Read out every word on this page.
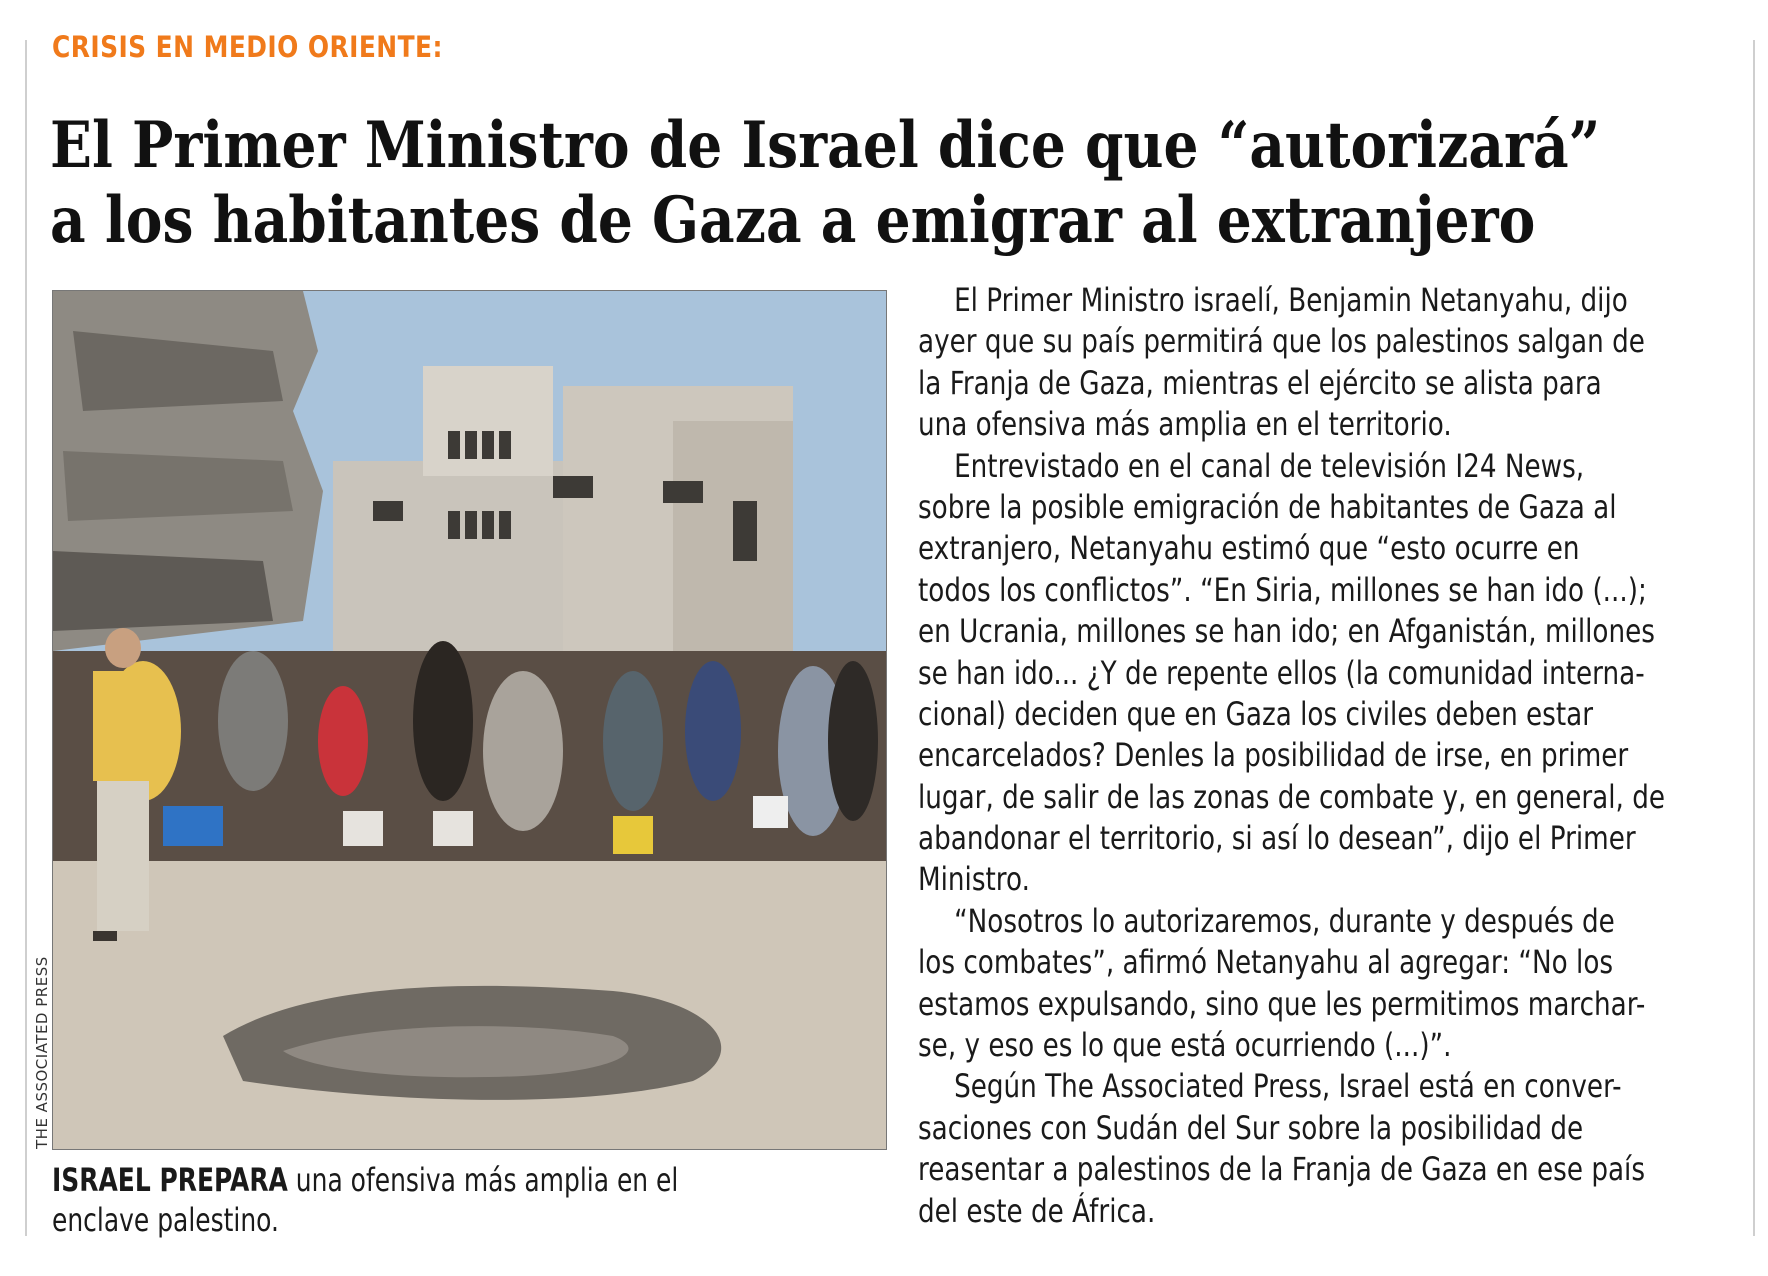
CRISIS EN MEDIO ORIENTE:
El Primer Ministro de Israel dice que “autorizará”
a los habitantes de Gaza a emigrar al extranjero
THE ASSOCIATED PRESS
ISRAEL PREPARA una ofensiva más amplia en el enclave palestino.
El Primer Ministro israelí, Benjamin Netanyahu, dijo
ayer que su país permitirá que los palestinos salgan de
la Franja de Gaza, mientras el ejército se alista para
una ofensiva más amplia en el territorio.
Entrevistado en el canal de televisión I24 News,
sobre la posible emigración de habitantes de Gaza al
extranjero, Netanyahu estimó que “esto ocurre en
todos los conflictos”. “En Siria, millones se han ido (...);
en Ucrania, millones se han ido; en Afganistán, millones
se han ido... ¿Y de repente ellos (la comunidad interna-
cional) deciden que en Gaza los civiles deben estar
encarcelados? Denles la posibilidad de irse, en primer
lugar, de salir de las zonas de combate y, en general, de
abandonar el territorio, si así lo desean”, dijo el Primer
Ministro.
“Nosotros lo autorizaremos, durante y después de
los combates”, afirmó Netanyahu al agregar: “No los
estamos expulsando, sino que les permitimos marchar-
se, y eso es lo que está ocurriendo (...)”.
Según The Associated Press, Israel está en conver-
saciones con Sudán del Sur sobre la posibilidad de
reasentar a palestinos de la Franja de Gaza en ese país
del este de África.
